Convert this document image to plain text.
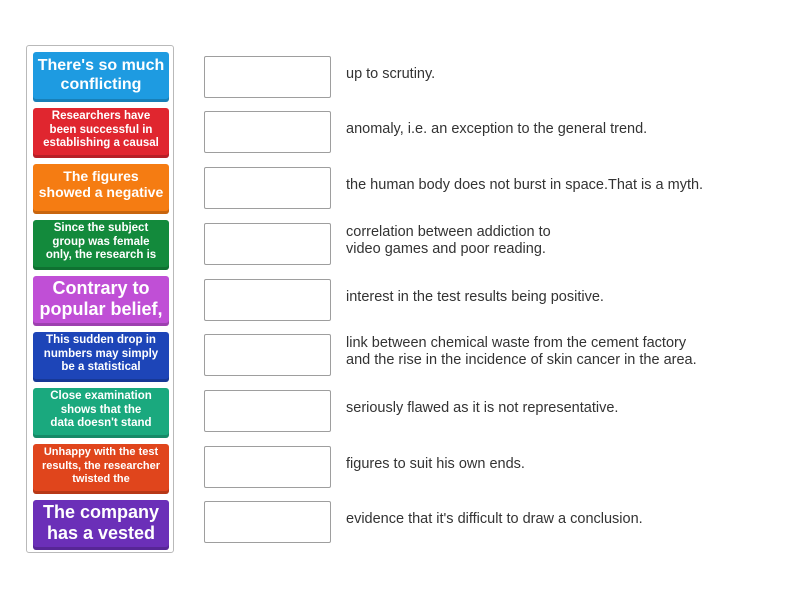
There's so much
conflicting
Researchers have
been successful in
establishing a causal
The figures
showed a negative
Since the subject
group was female
only, the research is
Contrary to
popular belief,
This sudden drop in
numbers may simply
be a statistical
Close examination
shows that the
data doesn't stand
Unhappy with the test
results, the researcher
twisted the
The company
has a vested
up to scrutiny.
anomaly, i.e. an exception to the general trend.
the human body does not burst in space.That is a myth.
correlation between addiction to
video games and poor reading.
interest in the test results being positive.
link between chemical waste from the cement factory
and the rise in the incidence of skin cancer in the area.
seriously flawed as it is not representative.
figures to suit his own ends.
evidence that it's difficult to draw a conclusion.
